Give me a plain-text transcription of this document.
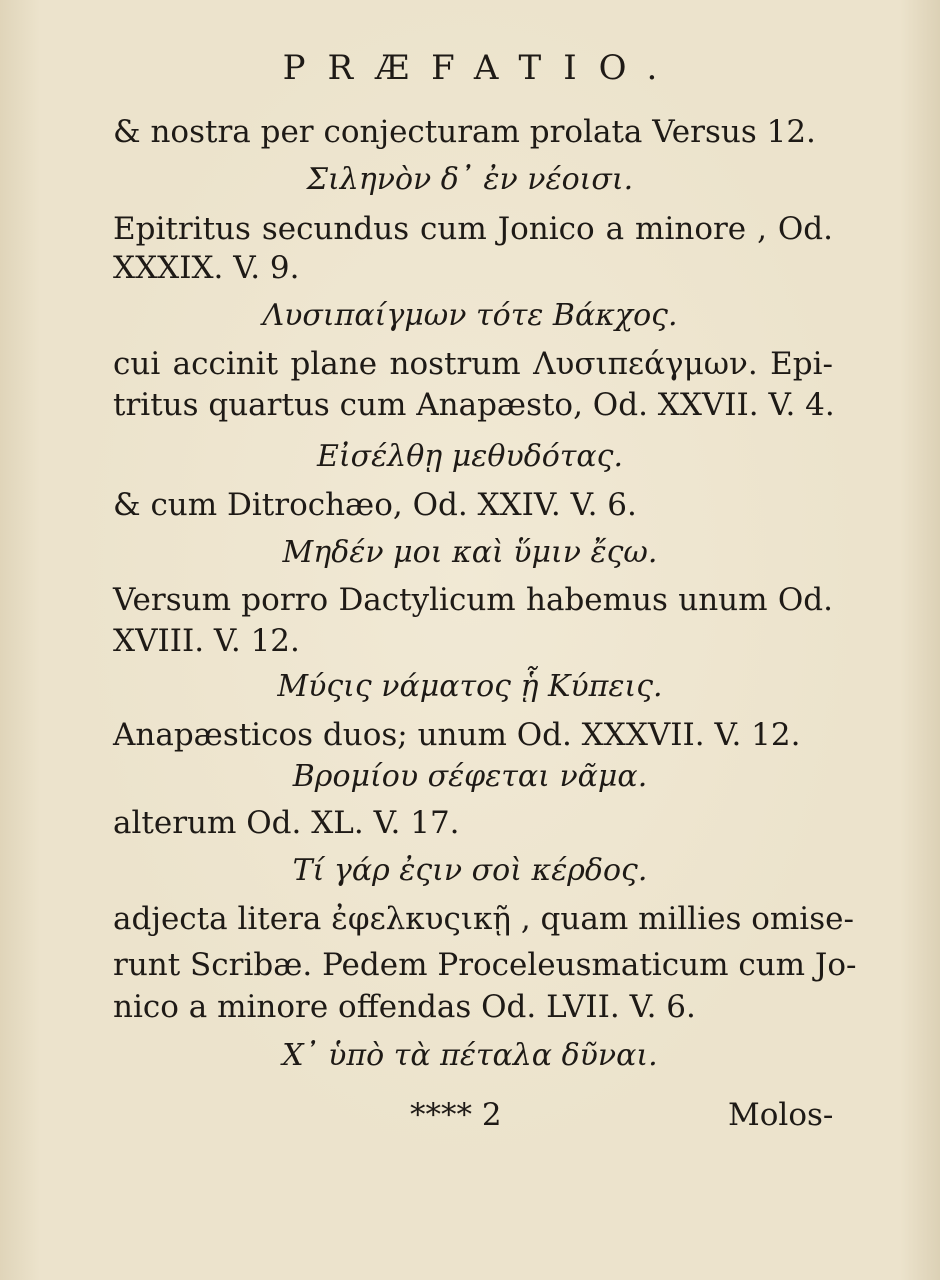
PRÆFATIO.
& nostra per conjecturam prolata Versus 12.
Σιληνὸν δ᾽ ἐν νέοισι.
Epitritus secundus cum Jonico a minore , Od.
XXXIX. V. 9.
Λυσιπαίγμων τότε Βάκχος.
cui accinit plane nostrum Λυσιπεάγμων. Epi-
tritus quartus cum Anapæsto, Od. XXVII. V. 4.
Εἰσέλθῃ μεθυδότας.
& cum Ditrochæo, Od. XXIV. V. 6.
Μηδέν μοι καὶ ὕμιν ἔςω.
Versum porro Dactylicum habemus unum Od.
XVIII. V. 12.
Μύςις νάματος ᾗ Κύπεις.
Anapæsticos duos; unum Od. XXXVII. V. 12.
Βρομίου σέφεται νᾶμα.
alterum Od. XL. V. 17.
Τί γάρ ἐςιν σοὶ κέρδος.
adjecta litera ἐφελκυςικῇ , quam millies omise-
runt Scribæ. Pedem Proceleusmaticum cum Jo-
nico a minore offendas Od. LVII. V. 6.
Χ᾽ ὑπὸ τὰ πέταλα δῦναι.
**** 2	Molos-
